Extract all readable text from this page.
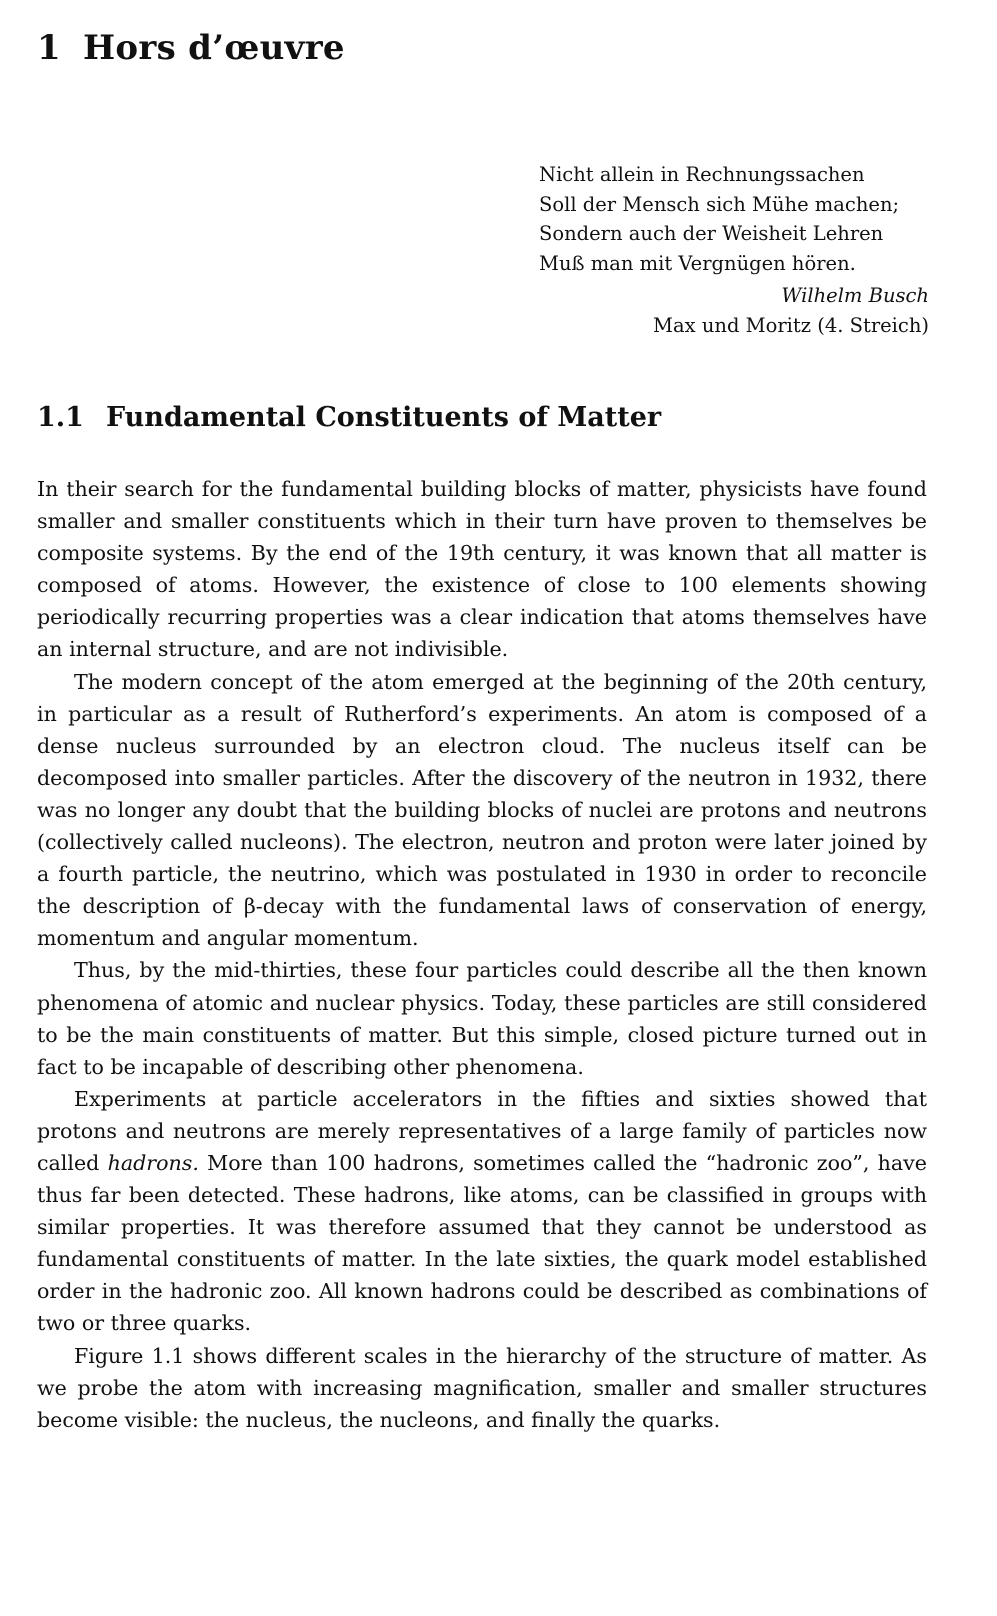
1 Hors d’œuvre
Nicht allein in Rechnungssachen
Soll der Mensch sich Mühe machen;
Sondern auch der Weisheit Lehren
Muß man mit Vergnügen hören.
Wilhelm Busch
Max und Moritz (4. Streich)
1.1 Fundamental Constituents of Matter

In their search for the fundamental building blocks of matter, physicists have found smaller and smaller constituents which in their turn have proven to themselves be composite systems. By the end of the 19th century, it was known that all matter is composed of atoms. However, the existence of close to 100 elements showing periodically recurring properties was a clear indication that atoms themselves have an internal structure, and are not indivisible.

The modern concept of the atom emerged at the beginning of the 20th century, in particular as a result of Rutherford’s experiments. An atom is composed of a dense nucleus surrounded by an electron cloud. The nucleus itself can be decomposed into smaller particles. After the discovery of the neutron in 1932, there was no longer any doubt that the building blocks of nuclei are protons and neutrons (collectively called nucleons). The electron, neutron and proton were later joined by a fourth particle, the neutrino, which was postulated in 1930 in order to reconcile the description of β-decay with the fundamental laws of conservation of energy, momentum and angular momentum.

Thus, by the mid-thirties, these four particles could describe all the then known phenomena of atomic and nuclear physics. Today, these particles are still considered to be the main constituents of matter. But this simple, closed picture turned out in fact to be incapable of describing other phenomena.

Experiments at particle accelerators in the fifties and sixties showed that protons and neutrons are merely representatives of a large family of particles now called hadrons. More than 100 hadrons, sometimes called the “hadronic zoo”, have thus far been detected. These hadrons, like atoms, can be classified in groups with similar properties. It was therefore assumed that they cannot be understood as fundamental constituents of matter. In the late sixties, the quark model established order in the hadronic zoo. All known hadrons could be described as combinations of two or three quarks.

Figure 1.1 shows different scales in the hierarchy of the structure of matter. As we probe the atom with increasing magnification, smaller and smaller structures become visible: the nucleus, the nucleons, and finally the quarks.
